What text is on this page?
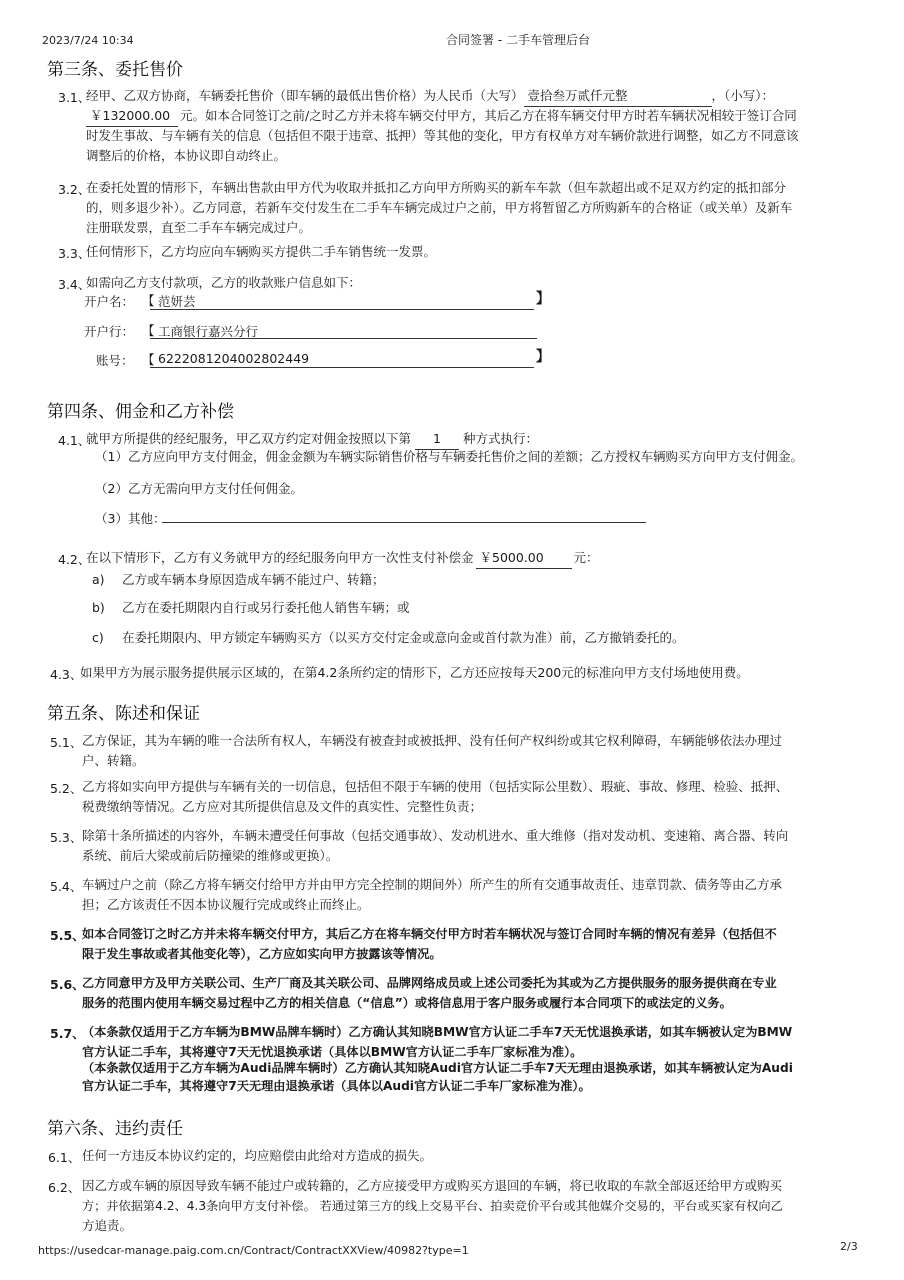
2023/7/24 10:34	合同签署 - 二手车管理后台
第三条、委托售价
3.1、
经甲、乙双方协商，车辆委托售价（即车辆的最低出售价格）为人民币（大写） 壹拾叁万贰仟元整	，（小写）：
￥132000.00 元。如本合同签订之前/之时乙方并未将车辆交付甲方，其后乙方在将车辆交付甲方时若车辆状况相较于签订合同
时发生事故、与车辆有关的信息（包括但不限于违章、抵押）等其他的变化，甲方有权单方对车辆价款进行调整，如乙方不同意该
调整后的价格，本协议即自动终止。
3.2、
在委托处置的情形下，车辆出售款由甲方代为收取并抵扣乙方向甲方所购买的新车车款（但车款超出或不足双方约定的抵扣部分
的，则多退少补）。乙方同意，若新车交付发生在二手车车辆完成过户之前，甲方将暂留乙方所购新车的合格证（或关单）及新车
注册联发票，直至二手车车辆完成过户。
3.3、
任何情形下，乙方均应向车辆购买方提供二手车销售统一发票。
3.4、
如需向乙方支付款项，乙方的收款账户信息如下：
开户名： 【 范妍芸	】
开户行： 【 工商银行嘉兴分行
账号： 【 6222081204002802449	】
第四条、佣金和乙方补偿
4.1、
就甲方所提供的经纪服务，甲乙双方约定对佣金按照以下第 1 种方式执行：
（1）乙方应向甲方支付佣金，佣金金额为车辆实际销售价格与车辆委托售价之间的差额；乙方授权车辆购买方向甲方支付佣金。
（2）乙方无需向甲方支付任何佣金。
（3）其他：
4.2、
在以下情形下，乙方有义务就甲方的经纪服务向甲方一次性支付补偿金 ￥5000.00 元：
a) 乙方或车辆本身原因造成车辆不能过户、转籍；
b) 乙方在委托期限内自行或另行委托他人销售车辆；或
c) 在委托期限内、甲方锁定车辆购买方（以买方交付定金或意向金或首付款为准）前，乙方撤销委托的。
4.3、
如果甲方为展示服务提供展示区域的，在第4.2条所约定的情形下，乙方还应按每天200元的标准向甲方支付场地使用费。
第五条、陈述和保证
5.1、 乙方保证，其为车辆的唯一合法所有权人，车辆没有被查封或被抵押、没有任何产权纠纷或其它权利障碍，车辆能够依法办理过
户、转籍。
5.2、 乙方将如实向甲方提供与车辆有关的一切信息，包括但不限于车辆的使用（包括实际公里数）、瑕疵、事故、修理、检验、抵押、
税费缴纳等情况。乙方应对其所提供信息及文件的真实性、完整性负责；
5.3、 除第十条所描述的内容外，车辆未遭受任何事故（包括交通事故）、发动机进水、重大维修（指对发动机、变速箱、离合器、转向
系统、前后大梁或前后防撞梁的维修或更换）。
5.4、 车辆过户之前（除乙方将车辆交付给甲方并由甲方完全控制的期间外）所产生的所有交通事故责任、违章罚款、债务等由乙方承
担；乙方该责任不因本协议履行完成或终止而终止。
5.5、
如本合同签订之时乙方并未将车辆交付甲方，其后乙方在将车辆交付甲方时若车辆状况与签订合同时车辆的情况有差异（包括但不
限于发生事故或者其他变化等），乙方应如实向甲方披露该等情况。
5.6、
乙方同意甲方及甲方关联公司、生产厂商及其关联公司、品牌网络成员或上述公司委托为其或为乙方提供服务的服务提供商在专业
服务的范围内使用车辆交易过程中乙方的相关信息（“信息”）或将信息用于客户服务或履行本合同项下的或法定的义务。
5.7、
（本条款仅适用于乙方车辆为BMW品牌车辆时）乙方确认其知晓BMW官方认证二手车7天无忧退换承诺，如其车辆被认定为BMW
官方认证二手车，其将遵守7天无忧退换承诺（具体以BMW官方认证二手车厂家标准为准）。
（本条款仅适用于乙方车辆为Audi品牌车辆时）乙方确认其知晓Audi官方认证二手车7天无理由退换承诺，如其车辆被认定为Audi
官方认证二手车，其将遵守7天无理由退换承诺（具体以Audi官方认证二手车厂家标准为准）。
第六条、违约责任
6.1、 任何一方违反本协议约定的，均应赔偿由此给对方造成的损失。
6.2、 因乙方或车辆的原因导致车辆不能过户或转籍的，乙方应接受甲方或购买方退回的车辆，将已收取的车款全部返还给甲方或购买
方；并依据第4.2、4.3条向甲方支付补偿。 若通过第三方的线上交易平台、拍卖竞价平台或其他媒介交易的，平台或买家有权向乙
方追责。
https://usedcar-manage.paig.com.cn/Contract/ContractXXView/40982?type=1	2/3
